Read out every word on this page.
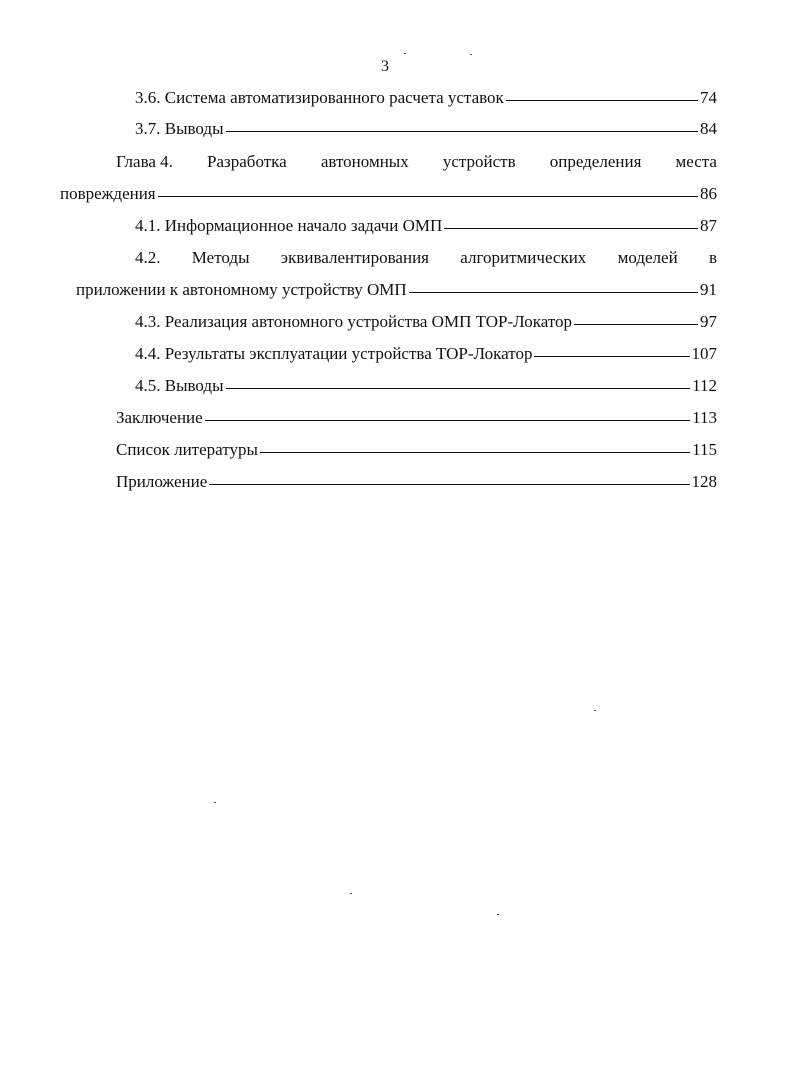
3
3.6. Система автоматизированного расчета уставок	74
3.7. Выводы	84
Глава 4. Разработка автономных устройств определения места
повреждения	86
4.1. Информационное начало задачи ОМП	87
4.2. Методы эквивалентирования алгоритмических моделей в
приложении к автономному устройству ОМП	91
4.3. Реализация автономного устройства ОМП ТОР-Локатор	97
4.4. Результаты эксплуатации устройства ТОР-Локатор	107
4.5. Выводы	112
Заключение	113
Список литературы	115
Приложение	128
